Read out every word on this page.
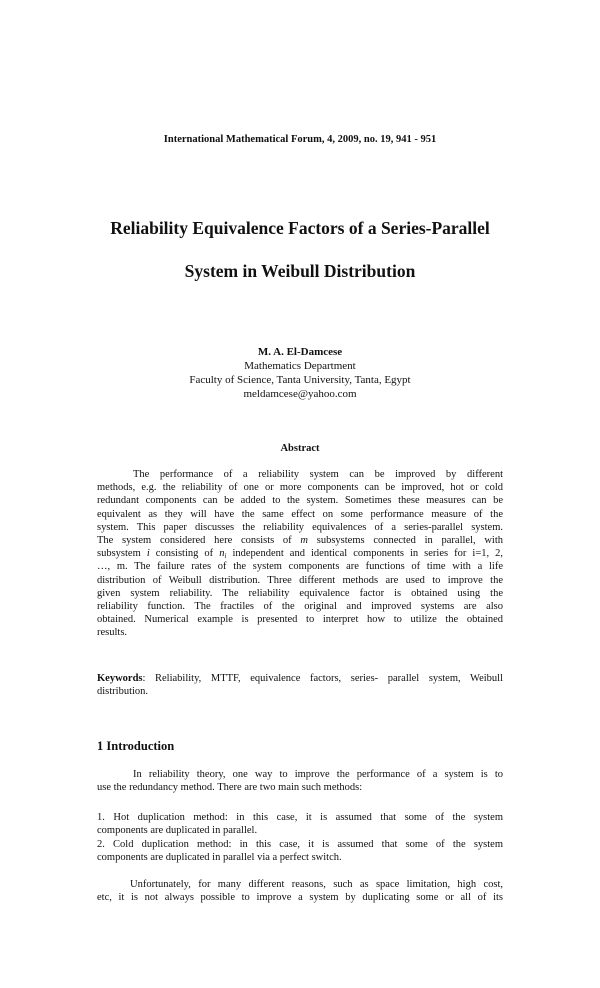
International Mathematical Forum, 4, 2009, no. 19, 941 - 951
Reliability Equivalence Factors of a Series-Parallel
System in Weibull Distribution
M. A. El-Damcese
Mathematics Department
Faculty of Science, Tanta University, Tanta, Egypt
meldamcese@yahoo.com
Abstract
The performance of a reliability system can be improved by different
methods, e.g. the reliability of one or more components can be improved, hot or cold
redundant components can be added to the system. Sometimes these measures can be
equivalent as they will have the same effect on some performance measure of the
system. This paper discusses the reliability equivalences of a series-parallel system.
The system considered here consists of m subsystems connected in parallel, with
subsystem i consisting of $n_i$ independent and identical components in series for i=1, 2,
…, m. The failure rates of the system components are functions of time with a life
distribution of Weibull distribution. Three different methods are used to improve the
given system reliability. The reliability equivalence factor is obtained using the
reliability function. The fractiles of the original and improved systems are also
obtained. Numerical example is presented to interpret how to utilize the obtained
results.
Keywords: Reliability, MTTF, equivalence factors, series- parallel system, Weibull
distribution.
1 Introduction
In reliability theory, one way to improve the performance of a system is to
use the redundancy method. There are two main such methods:
1. Hot duplication method: in this case, it is assumed that some of the system
components are duplicated in parallel.
2. Cold duplication method: in this case, it is assumed that some of the system
components are duplicated in parallel via a perfect switch.
Unfortunately, for many different reasons, such as space limitation, high cost,
etc, it is not always possible to improve a system by duplicating some or all of its
